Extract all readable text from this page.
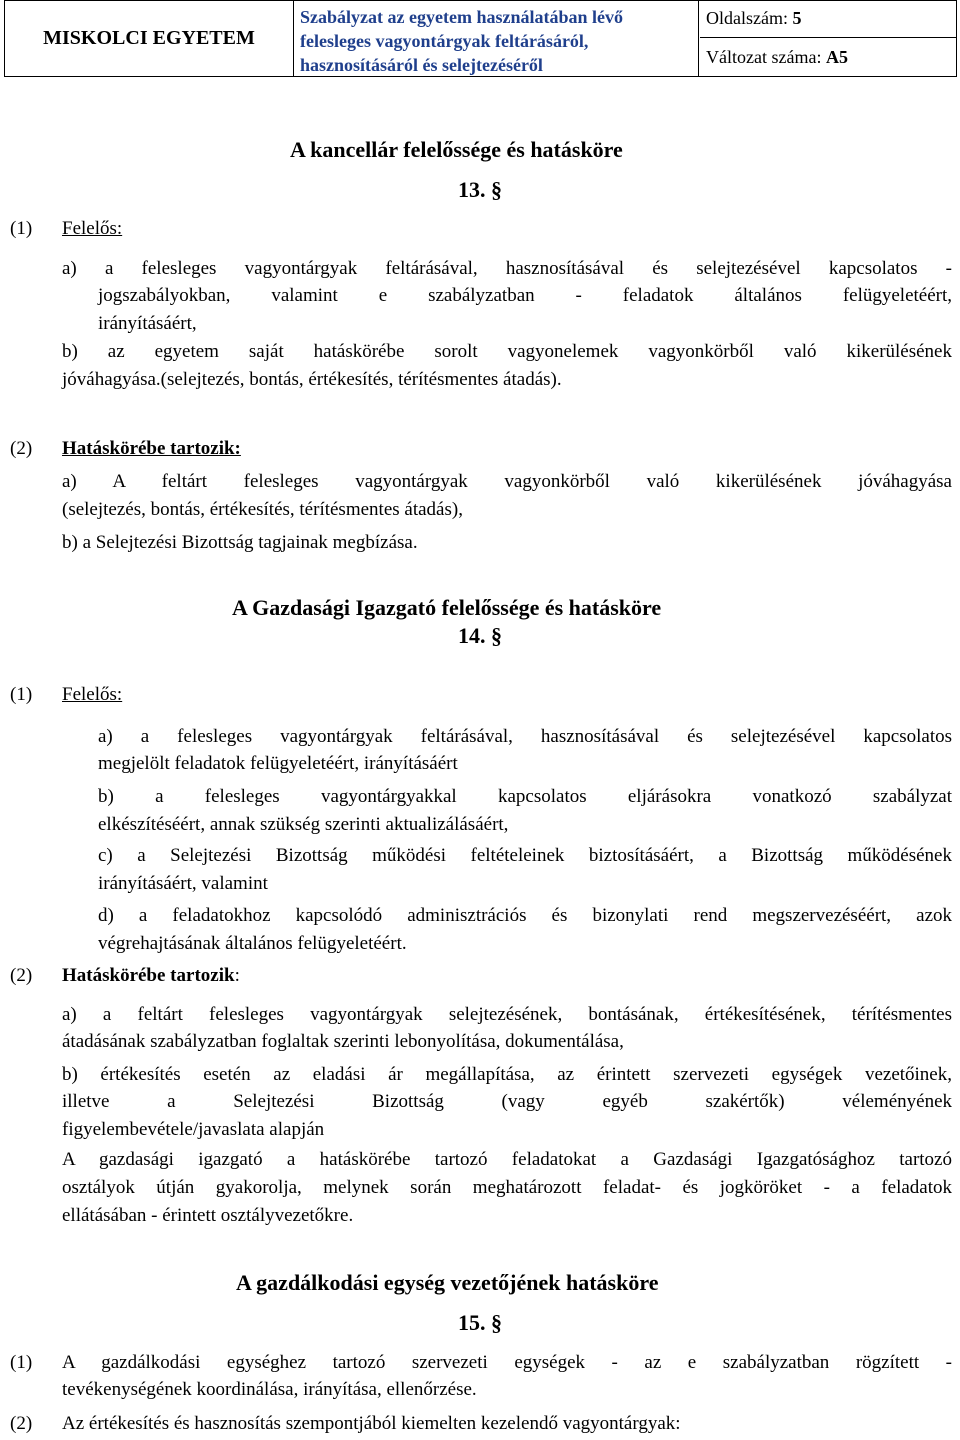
MISKOLCI EGYETEM
Szabályzat az egyetem használatában lévő
felesleges vagyontárgyak feltárásáról,
hasznosításáról és selejtezéséről
Oldalszám: 5
Változat száma: A5
A kancellár felelőssége és hatásköre
13. §
(1) Felelős:
a) a felesleges vagyontárgyak feltárásával, hasznosításával és selejtezésével kapcsolatos -
jogszabályokban, valamint e szabályzatban - feladatok általános felügyeletéért,
irányításáért,
b) az egyetem saját hatáskörébe sorolt vagyonelemek vagyonkörből való kikerülésének
jóváhagyása.(selejtezés, bontás, értékesítés, térítésmentes átadás).
(2) Hatáskörébe tartozik:
a) A feltárt felesleges vagyontárgyak vagyonkörből való kikerülésének jóváhagyása
(selejtezés, bontás, értékesítés, térítésmentes átadás),
b) a Selejtezési Bizottság tagjainak megbízása.
A Gazdasági Igazgató felelőssége és hatásköre
14. §
(1) Felelős:
a) a felesleges vagyontárgyak feltárásával, hasznosításával és selejtezésével kapcsolatos
megjelölt feladatok felügyeletéért, irányításáért
b) a felesleges vagyontárgyakkal kapcsolatos eljárásokra vonatkozó szabályzat
elkészítéséért, annak szükség szerinti aktualizálásáért,
c) a Selejtezési Bizottság működési feltételeinek biztosításáért, a Bizottság működésének
irányításáért, valamint
d) a feladatokhoz kapcsolódó adminisztrációs és bizonylati rend megszervezéséért, azok
végrehajtásának általános felügyeletéért.
(2) Hatáskörébe tartozik:
a) a feltárt felesleges vagyontárgyak selejtezésének, bontásának, értékesítésének, térítésmentes
átadásának szabályzatban foglaltak szerinti lebonyolítása, dokumentálása,
b) értékesítés esetén az eladási ár megállapítása, az érintett szervezeti egységek vezetőinek,
illetve a Selejtezési Bizottság (vagy egyéb szakértők) véleményének
figyelembevétele/javaslata alapján
A gazdasági igazgató a hatáskörébe tartozó feladatokat a Gazdasági Igazgatósághoz tartozó
osztályok útján gyakorolja, melynek során meghatározott feladat- és jogköröket - a feladatok
ellátásában - érintett osztályvezetőkre.
A gazdálkodási egység vezetőjének hatásköre
15. §
(1) A gazdálkodási egységhez tartozó szervezeti egységek - az e szabályzatban rögzített -
tevékenységének koordinálása, irányítása, ellenőrzése.
(2) Az értékesítés és hasznosítás szempontjából kiemelten kezelendő vagyontárgyak:
